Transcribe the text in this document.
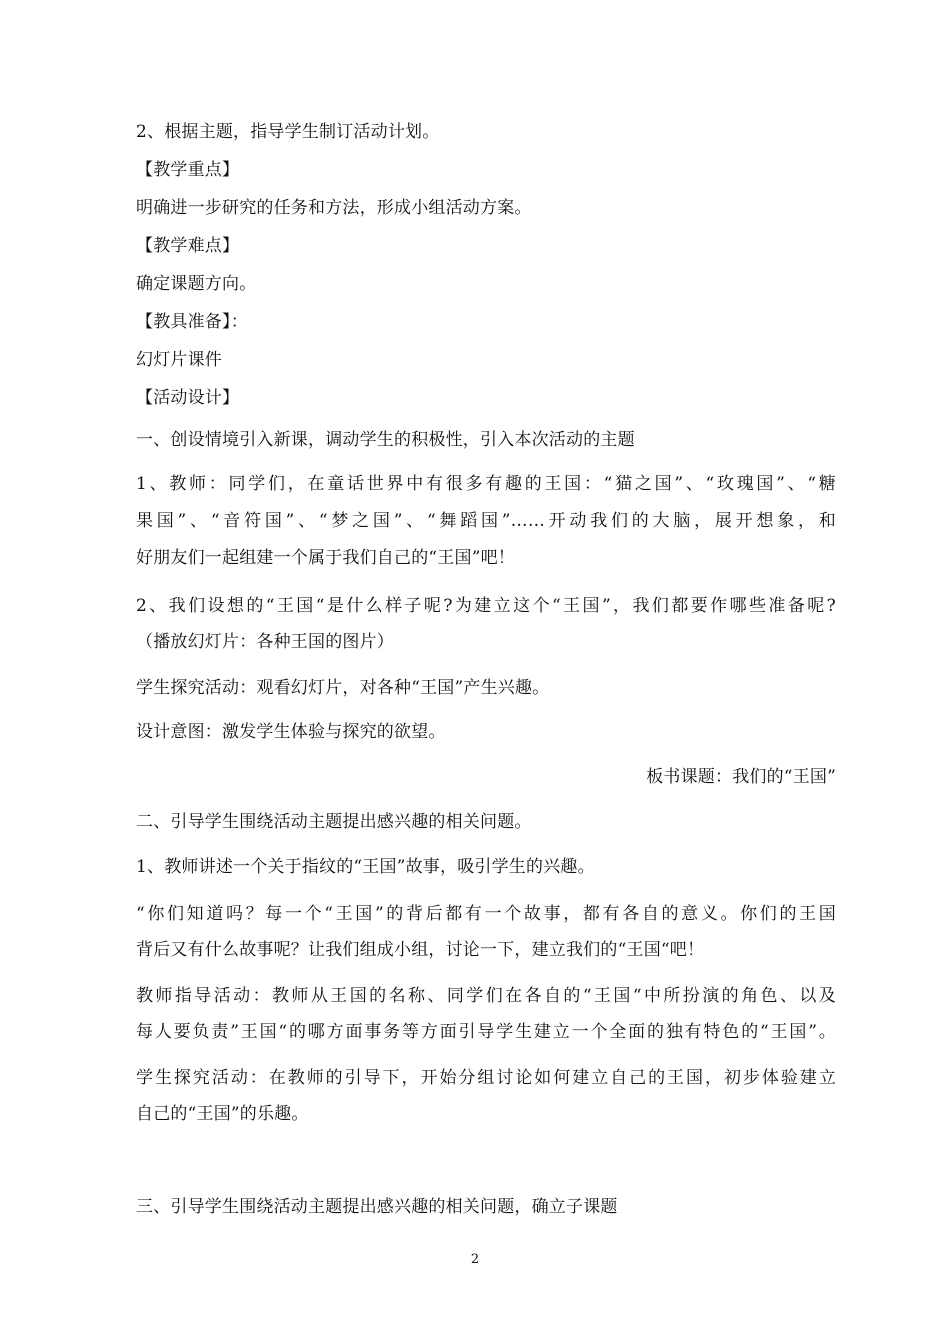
2、根据主题，指导学生制订活动计划。
【教学重点】
明确进一步研究的任务和方法，形成小组活动方案。
【教学难点】
确定课题方向。
【教具准备】：
幻灯片课件
【活动设计】
一、创设情境引入新课，调动学生的积极性，引入本次活动的主题
1、教师：同学们，在童话世界中有很多有趣的王国：“猫之国”、“玫瑰国”、“糖
果国”、“音符国”、“梦之国”、“舞蹈国”……开动我们的大脑，展开想象，和
好朋友们一起组建一个属于我们自己的“王国”吧！
2、我们设想的“王国“是什么样子呢?为建立这个“王国”，我们都要作哪些准备呢?
（播放幻灯片：各种王国的图片）
学生探究活动：观看幻灯片，对各种“王国”产生兴趣。
设计意图：激发学生体验与探究的欲望。
板书课题：我们的“王国”
二、引导学生围绕活动主题提出感兴趣的相关问题。
1、教师讲述一个关于指纹的“王国”故事，吸引学生的兴趣。
“你们知道吗？每一个“王国”的背后都有一个故事，都有各自的意义。你们的王国
背后又有什么故事呢？让我们组成小组，讨论一下，建立我们的“王国“吧！
教师指导活动：教师从王国的名称、同学们在各自的“王国“中所扮演的角色、以及
每人要负责”王国“的哪方面事务等方面引导学生建立一个全面的独有特色的“王国”。
学生探究活动：在教师的引导下，开始分组讨论如何建立自己的王国，初步体验建立
自己的“王国”的乐趣。
三、引导学生围绕活动主题提出感兴趣的相关问题，确立子课题
2
